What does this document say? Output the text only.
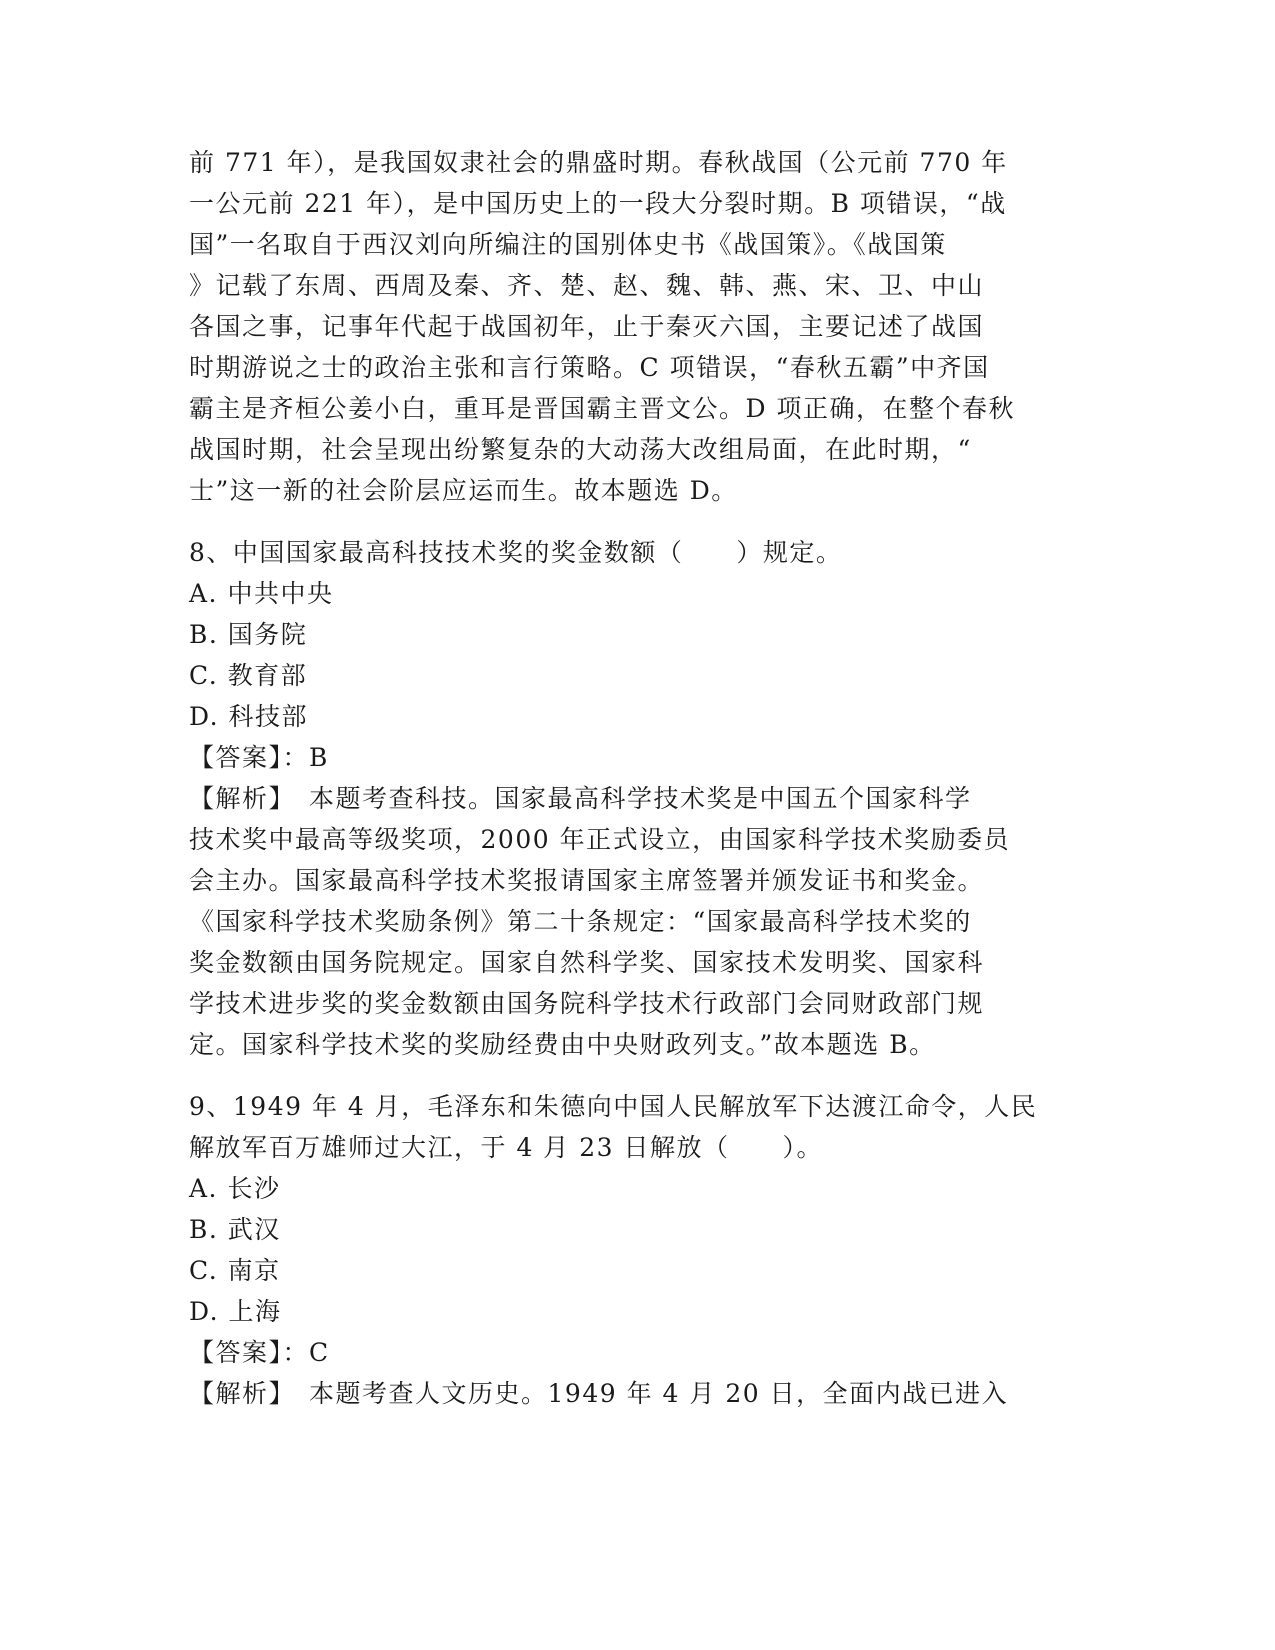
前 771 年），是我国奴隶社会的鼎盛时期。春秋战国（公元前 770 年
一公元前 221 年），是中国历史上的一段大分裂时期。B 项错误，“战
国”一名取自于西汉刘向所编注的国别体史书《战国策》。《战国策
》记载了东周、西周及秦、齐、楚、赵、魏、韩、燕、宋、卫、中山
各国之事，记事年代起于战国初年，止于秦灭六国，主要记述了战国
时期游说之士的政治主张和言行策略。C 项错误，“春秋五霸”中齐国
霸主是齐桓公姜小白，重耳是晋国霸主晋文公。D 项正确，在整个春秋
战国时期，社会呈现出纷繁复杂的大动荡大改组局面，在此时期，“
士”这一新的社会阶层应运而生。故本题选 D。
8、中国国家最高科技技术奖的奖金数额（　　）规定。
A. 中共中央
B. 国务院
C. 教育部
D. 科技部
【答案】：B
【解析】　本题考查科技。国家最高科学技术奖是中国五个国家科学
技术奖中最高等级奖项，2000 年正式设立，由国家科学技术奖励委员
会主办。国家最高科学技术奖报请国家主席签署并颁发证书和奖金。
《国家科学技术奖励条例》第二十条规定：“国家最高科学技术奖的
奖金数额由国务院规定。国家自然科学奖、国家技术发明奖、国家科
学技术进步奖的奖金数额由国务院科学技术行政部门会同财政部门规
定。国家科学技术奖的奖励经费由中央财政列支。”故本题选 B。
9、1949 年 4 月，毛泽东和朱德向中国人民解放军下达渡江命令，人民
解放军百万雄师过大江，于 4 月 23 日解放（　　）。
A. 长沙
B. 武汉
C. 南京
D. 上海
【答案】：C
【解析】　本题考查人文历史。1949 年 4 月 20 日，全面内战已进入
